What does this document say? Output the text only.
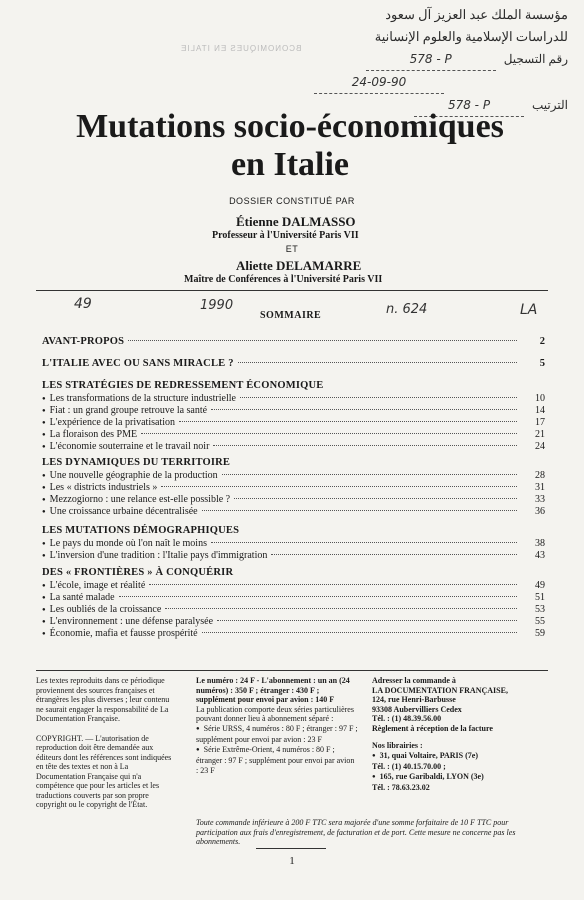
مؤسسة الملك عبد العزيز آل سعود
للدراسات الإسلامية والعلوم الإنسانية
رقم التسجيل
578 - P
24-09-90
الترتيب
578 - P
BCONOMIQUES EN ITALIE
Mutations socio-économiques
en Italie
DOSSIER CONSTITUÉ PAR
Étienne DALMASSO
Professeur à l'Université Paris VII
ET
Aliette DELAMARRE
Maître de Conférences à l'Université Paris VII
49	1990	n. 624	LA
SOMMAIRE
AVANT-PROPOS	2
L'ITALIE AVEC OU SANS MIRACLE ?	5
LES STRATÉGIES DE REDRESSEMENT ÉCONOMIQUE
● Les transformations de la structure industrielle	10
● Fiat : un grand groupe retrouve la santé	14
● L'expérience de la privatisation	17
● La floraison des PME	21
● L'économie souterraine et le travail noir	24
LES DYNAMIQUES DU TERRITOIRE
● Une nouvelle géographie de la production	28
● Les « districts industriels »	31
● Mezzogiorno : une relance est-elle possible ?	33
● Une croissance urbaine décentralisée	36
LES MUTATIONS DÉMOGRAPHIQUES
● Le pays du monde où l'on naît le moins	38
● L'inversion d'une tradition : l'Italie pays d'immigration	43
DES « FRONTIÈRES » À CONQUÉRIR
● L'école, image et réalité	49
● La santé malade	51
● Les oubliés de la croissance	53
● L'environnement : une défense paralysée	55
● Économie, mafia et fausse prospérité	59
Les textes reproduits dans ce périodique proviennent des sources françaises et étrangères les plus diverses ; leur contenu ne saurait engager la responsabilité de La Documentation Française.
COPYRIGHT. — L'autorisation de reproduction doit être demandée aux éditeurs dont les références sont indiquées en tête des textes et non à La Documentation Française qui n'a compétence que pour les articles et les traductions couverts par son propre copyright ou le copyright de l'État.
Le numéro : 24 F - L'abonnement : un an (24 numéros) : 350 F ; étranger : 430 F ; supplément pour envoi par avion : 140 F
La publication comporte deux séries particulières pouvant donner lieu à abonnement séparé :
● Série URSS, 4 numéros : 80 F ; étranger : 97 F ; supplément pour envoi par avion : 23 F
● Série Extrême-Orient, 4 numéros : 80 F ; étranger : 97 F ; supplément pour envoi par avion : 23 F
Adresser la commande à
LA DOCUMENTATION FRANÇAISE,
124, rue Henri-Barbusse
93308 Aubervilliers Cedex
Tél. : (1) 48.39.56.00
Règlement à réception de la facture
Nos librairies :
● 31, quai Voltaire, PARIS (7e)
Tél. : (1) 40.15.70.00 ;
● 165, rue Garibaldi, LYON (3e)
Tél. : 78.63.23.02
Toute commande inférieure à 200 F TTC sera majorée d'une somme forfaitaire de 10 F TTC pour participation aux frais d'enregistrement, de facturation et de port. Cette mesure ne concerne pas les abonnements.
1
